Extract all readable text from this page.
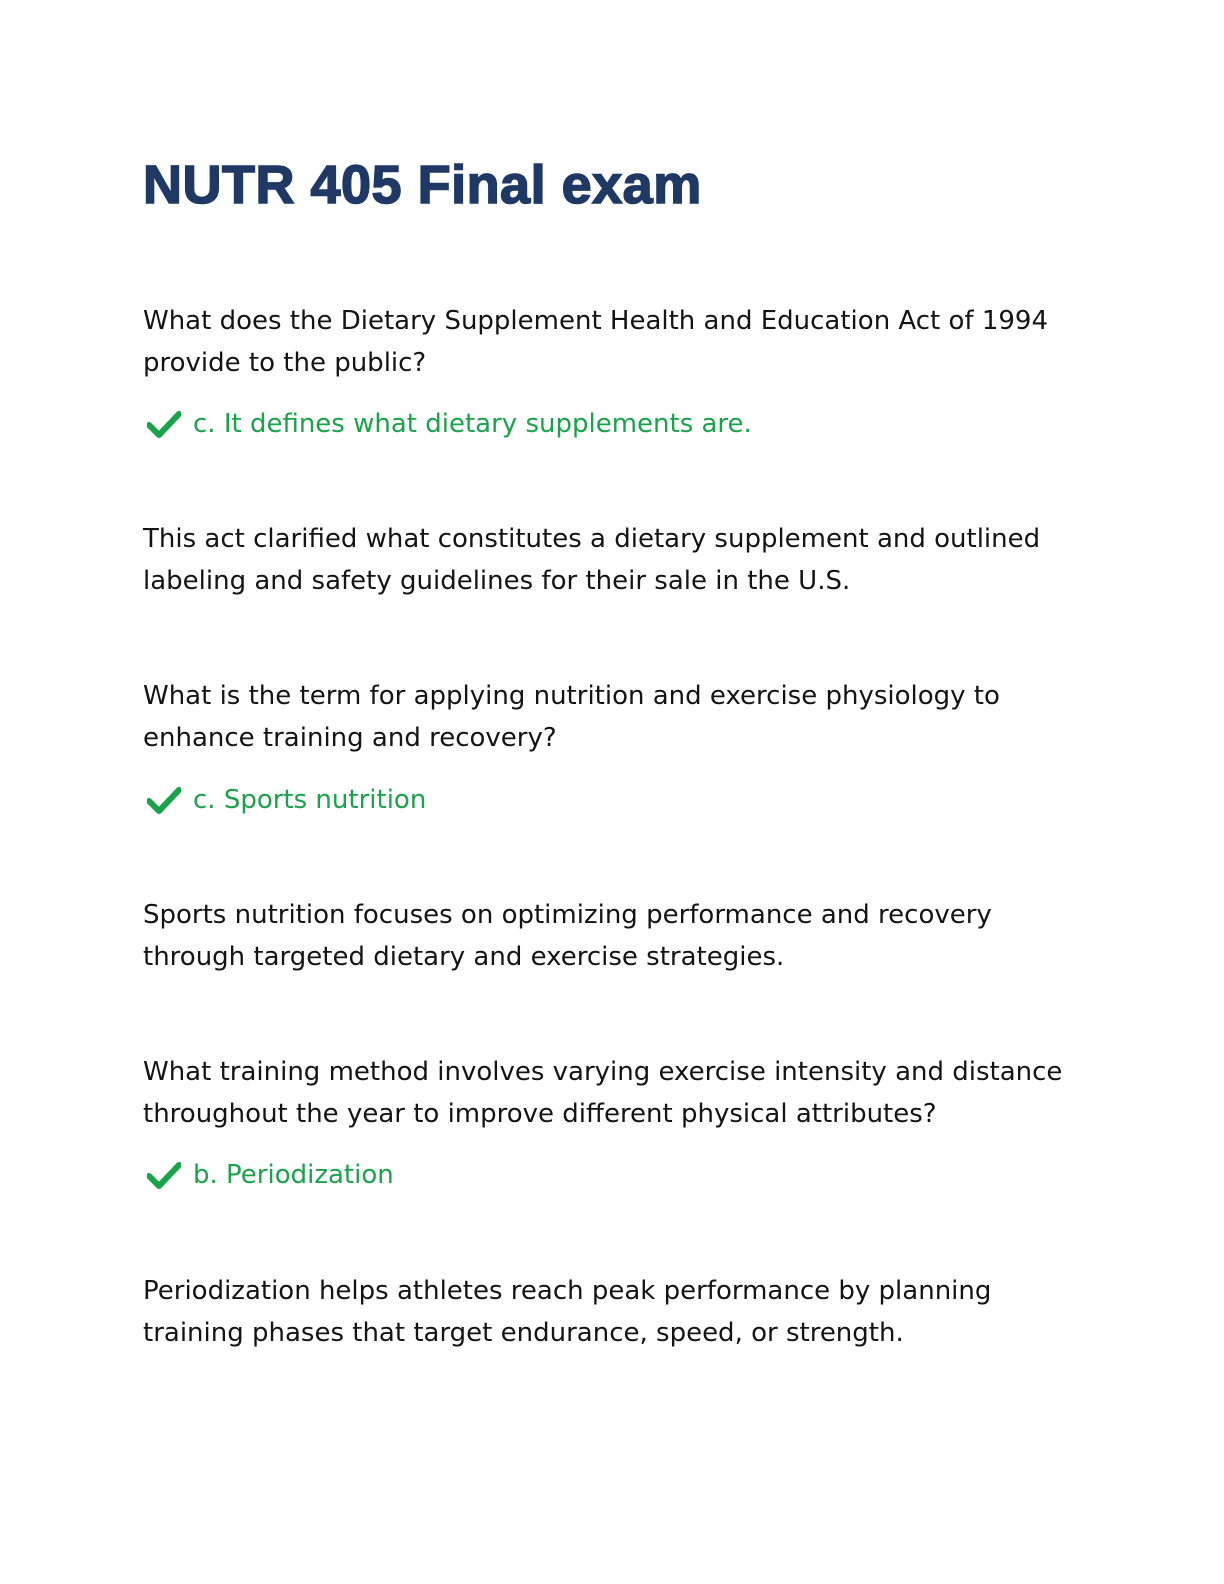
NUTR 405 Final exam

What does the Dietary Supplement Health and Education Act of 1994 provide to the public?

c. It defines what dietary supplements are.

This act clarified what constitutes a dietary supplement and outlined labeling and safety guidelines for their sale in the U.S.

What is the term for applying nutrition and exercise physiology to enhance training and recovery?

c. Sports nutrition

Sports nutrition focuses on optimizing performance and recovery through targeted dietary and exercise strategies.

What training method involves varying exercise intensity and distance throughout the year to improve different physical attributes?

b. Periodization

Periodization helps athletes reach peak performance by planning training phases that target endurance, speed, or strength.
